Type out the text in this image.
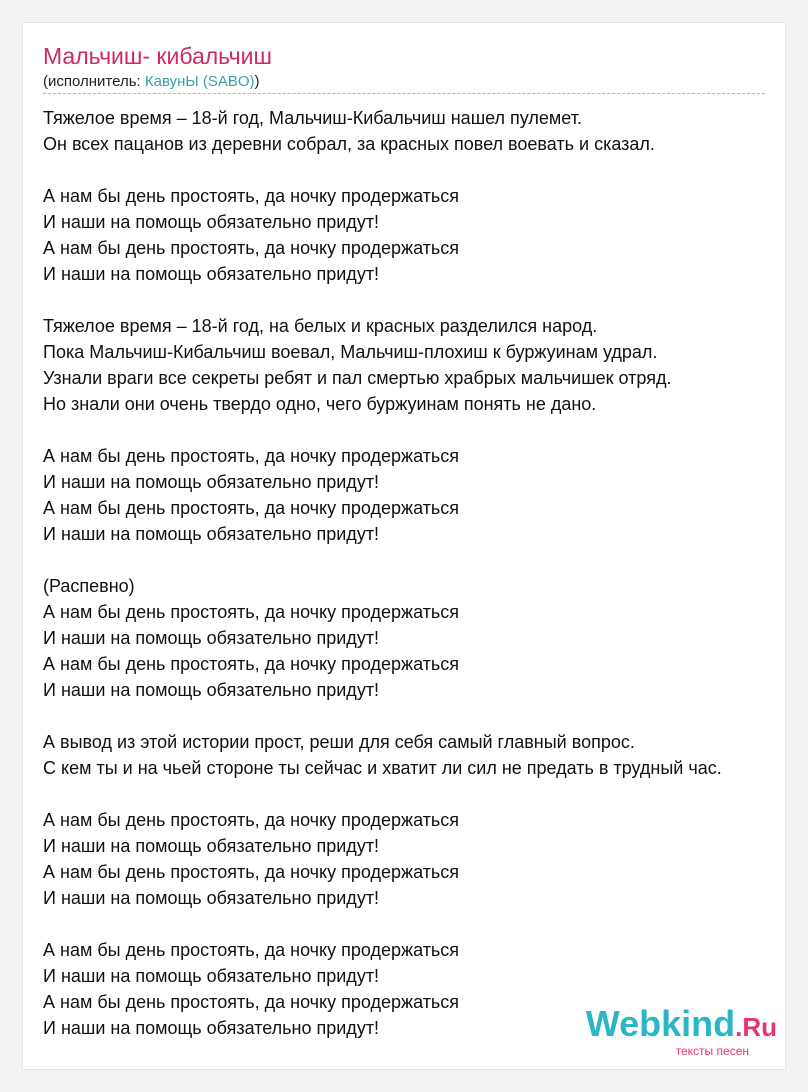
Мальчиш- кибальчиш
(исполнитель: КавунЫ (SABO))
Тяжелое время – 18-й год, Мальчиш-Кибальчиш нашел пулемет.
Он всех пацанов из деревни собрал, за красных повел воевать и сказал.
А нам бы день простоять, да ночку продержаться
И наши на помощь обязательно придут!
А нам бы день простоять, да ночку продержаться
И наши на помощь обязательно придут!
Тяжелое время – 18-й год, на белых и красных разделился народ.
Пока Мальчиш-Кибальчиш воевал, Мальчиш-плохиш к буржуинам удрал.
Узнали враги все секреты ребят и пал смертью храбрых мальчишек отряд.
Но знали они очень твердо одно, чего буржуинам понять не дано.
А нам бы день простоять, да ночку продержаться
И наши на помощь обязательно придут!
А нам бы день простоять, да ночку продержаться
И наши на помощь обязательно придут!
(Распевно)
А нам бы день простоять, да ночку продержаться
И наши на помощь обязательно придут!
А нам бы день простоять, да ночку продержаться
И наши на помощь обязательно придут!
А вывод из этой истории прост, реши для себя самый главный вопрос.
С кем ты и на чьей стороне ты сейчас и хватит ли сил не предать в трудный час.
А нам бы день простоять, да ночку продержаться
И наши на помощь обязательно придут!
А нам бы день простоять, да ночку продержаться
И наши на помощь обязательно придут!
А нам бы день простоять, да ночку продержаться
И наши на помощь обязательно придут!
А нам бы день простоять, да ночку продержаться
И наши на помощь обязательно придут!	Webkind.Ru
тексты песен
